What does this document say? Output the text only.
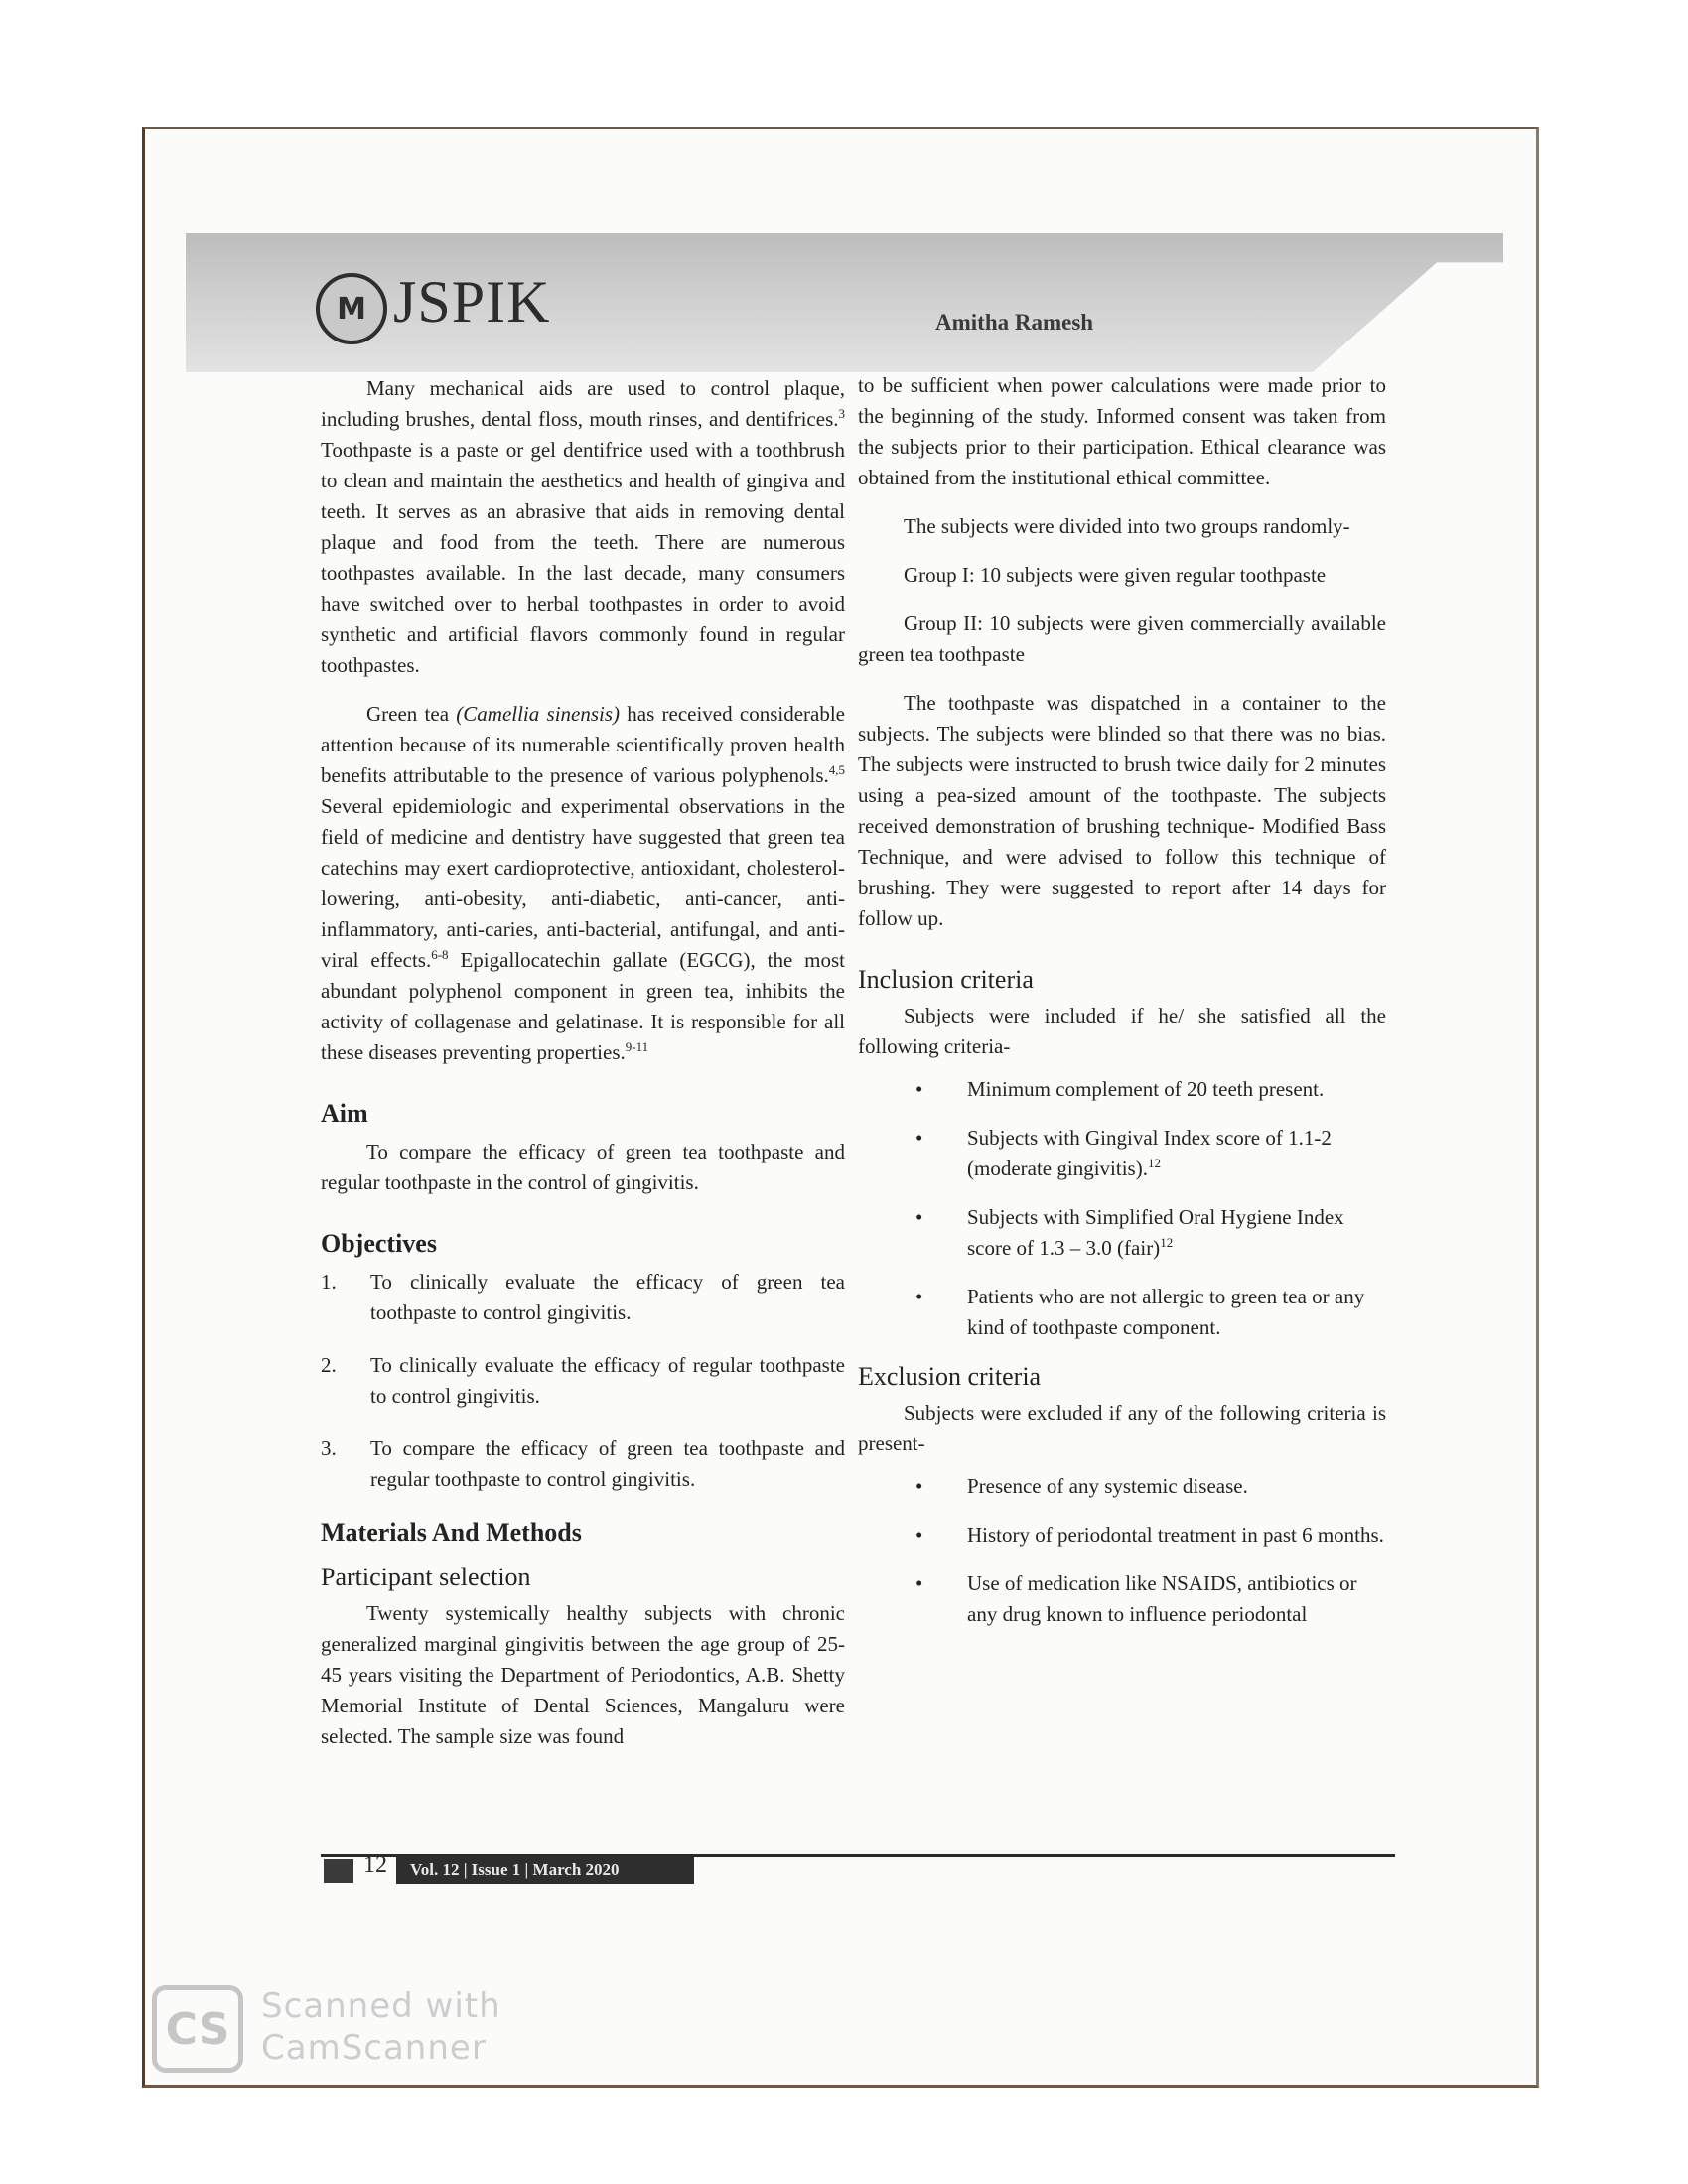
M JSPIK	Amitha Ramesh

Many mechanical aids are used to control plaque, including brushes, dental floss, mouth rinses, and dentifrices.$^3$ Toothpaste is a paste or gel dentifrice used with a toothbrush to clean and maintain the aesthetics and health of gingiva and teeth. It serves as an abrasive that aids in removing dental plaque and food from the teeth. There are numerous toothpastes available. In the last decade, many consumers have switched over to herbal toothpastes in order to avoid synthetic and artificial flavors commonly found in regular toothpastes.

Green tea (Camellia sinensis) has received considerable attention because of its numerable scientifically proven health benefits attributable to the presence of various polyphenols.$^{4,5}$ Several epidemiologic and experimental observations in the field of medicine and dentistry have suggested that green tea catechins may exert cardioprotective, antioxidant, cholesterol-lowering, anti-obesity, anti-diabetic, anti-cancer, anti-inflammatory, anti-caries, anti-bacterial, antifungal, and anti-viral effects.$^{6-8}$ Epigallocatechin gallate (EGCG), the most abundant polyphenol component in green tea, inhibits the activity of collagenase and gelatinase. It is responsible for all these diseases preventing properties.$^{9-11}$

Aim

To compare the efficacy of green tea toothpaste and regular toothpaste in the control of gingivitis.

Objectives
1. To clinically evaluate the efficacy of green tea toothpaste to control gingivitis.
2. To clinically evaluate the efficacy of regular toothpaste to control gingivitis.
3. To compare the efficacy of green tea toothpaste and regular toothpaste to control gingivitis.
Materials And Methods
Participant selection

Twenty systemically healthy subjects with chronic generalized marginal gingivitis between the age group of 25-45 years visiting the Department of Periodontics, A.B. Shetty Memorial Institute of Dental Sciences, Mangaluru were selected. The sample size was found

to be sufficient when power calculations were made prior to the beginning of the study. Informed consent was taken from the subjects prior to their participation. Ethical clearance was obtained from the institutional ethical committee.

The subjects were divided into two groups randomly-

Group I: 10 subjects were given regular toothpaste

Group II: 10 subjects were given commercially available green tea toothpaste

The toothpaste was dispatched in a container to the subjects. The subjects were blinded so that there was no bias. The subjects were instructed to brush twice daily for 2 minutes using a pea-sized amount of the toothpaste. The subjects received demonstration of brushing technique- Modified Bass Technique, and were advised to follow this technique of brushing. They were suggested to report after 14 days for follow up.

Inclusion criteria

Subjects were included if he/ she satisfied all the following criteria-

• Minimum complement of 20 teeth present.
• Subjects with Gingival Index score of 1.1-2 (moderate gingivitis).$^{12}$
• Subjects with Simplified Oral Hygiene Index score of 1.3 – 3.0 (fair)$^{12}$
• Patients who are not allergic to green tea or any kind of toothpaste component.
Exclusion criteria

Subjects were excluded if any of the following criteria is present-

• Presence of any systemic disease.
• History of periodontal treatment in past 6 months.
• Use of medication like NSAIDS, antibiotics or any drug known to influence periodontal
12	Vol. 12 | Issue 1 | March 2020
CS Scanned with
CamScanner
